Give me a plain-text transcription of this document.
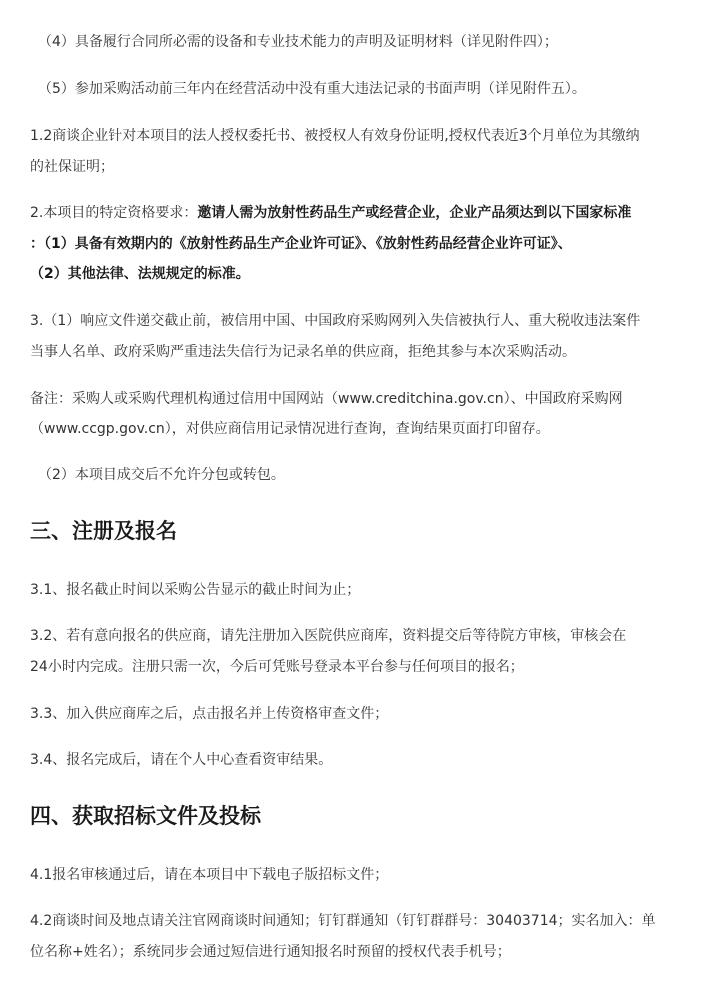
（4）具备履行合同所必需的设备和专业技术能力的声明及证明材料（详见附件四）；
（5）参加采购活动前三年内在经营活动中没有重大违法记录的书面声明（详见附件五）。
1.2商谈企业针对本项目的法人授权委托书、被授权人有效身份证明,授权代表近3个月单位为其缴纳
的社保证明；
2.本项目的特定资格要求：邀请人需为放射性药品生产或经营企业，企业产品须达到以下国家标准
：（1）具备有效期内的《放射性药品生产企业许可证》、《放射性药品经营企业许可证》、
（2）其他法律、法规规定的标准。
3.（1）响应文件递交截止前，被信用中国、中国政府采购网列入失信被执行人、重大税收违法案件
当事人名单、政府采购严重违法失信行为记录名单的供应商，拒绝其参与本次采购活动。
备注：采购人或采购代理机构通过信用中国网站（www.creditchina.gov.cn）、中国政府采购网
（www.ccgp.gov.cn），对供应商信用记录情况进行查询，查询结果页面打印留存。
（2）本项目成交后不允许分包或转包。
三、注册及报名
3.1、报名截止时间以采购公告显示的截止时间为止；
3.2、若有意向报名的供应商，请先注册加入医院供应商库，资料提交后等待院方审核，审核会在
24小时内完成。注册只需一次，今后可凭账号登录本平台参与任何项目的报名；
3.3、加入供应商库之后，点击报名并上传资格审查文件；
3.4、报名完成后，请在个人中心查看资审结果。
四、获取招标文件及投标
4.1报名审核通过后，请在本项目中下载电子版招标文件；
4.2商谈时间及地点请关注官网商谈时间通知；钉钉群通知（钉钉群群号：30403714；实名加入：单
位名称+姓名）；系统同步会通过短信进行通知报名时预留的授权代表手机号；
